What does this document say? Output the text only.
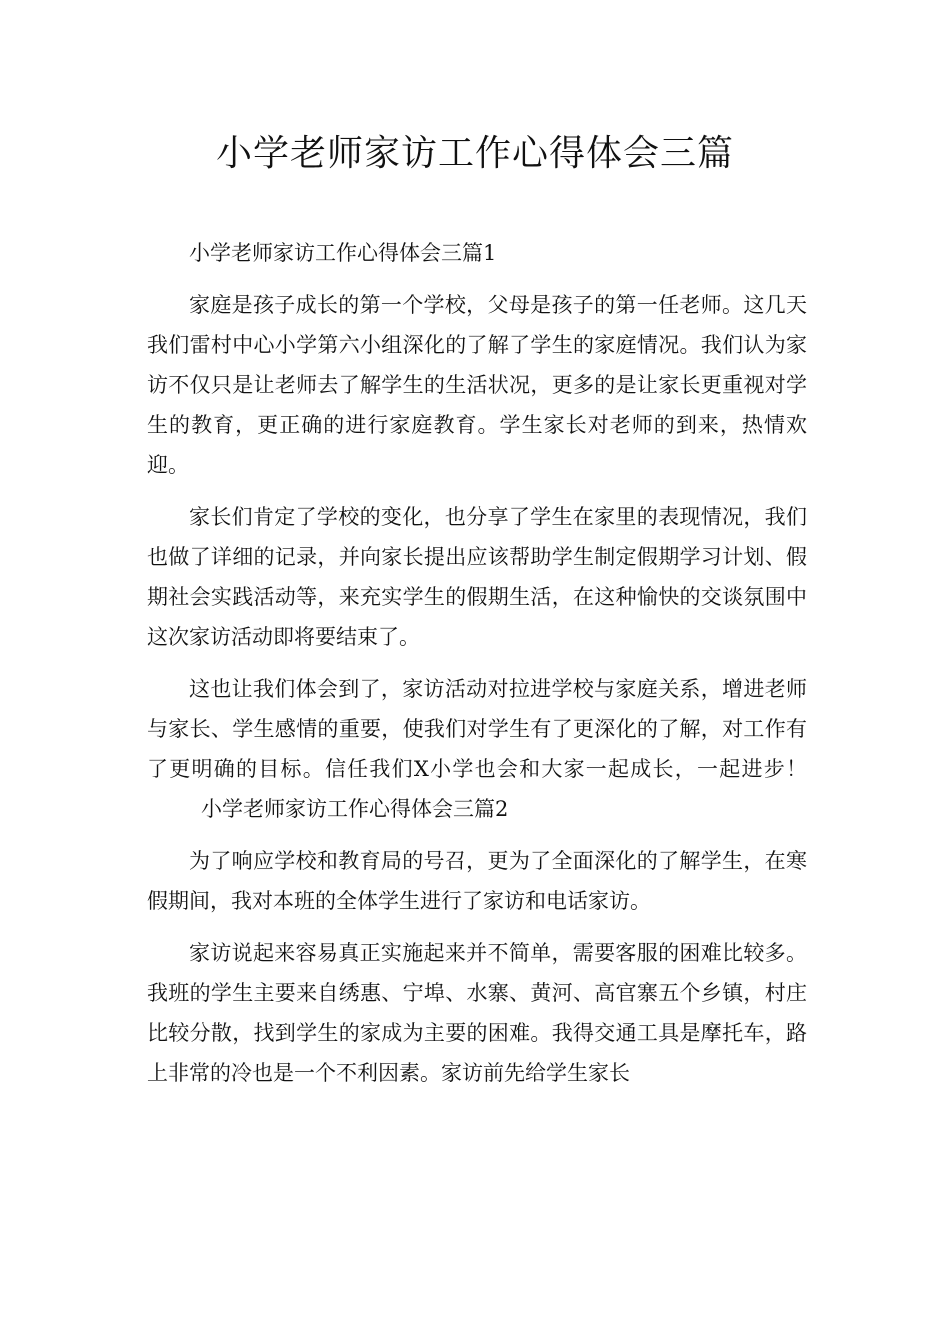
小学老师家访工作心得体会三篇

小学老师家访工作心得体会三篇1

家庭是孩子成长的第一个学校，父母是孩子的第一任老师。这几天我们雷村中心小学第六小组深化的了解了学生的家庭情况。我们认为家访不仅只是让老师去了解学生的生活状况，更多的是让家长更重视对学生的教育，更正确的进行家庭教育。学生家长对老师的到来，热情欢迎。

家长们肯定了学校的变化，也分享了学生在家里的表现情况，我们也做了详细的记录，并向家长提出应该帮助学生制定假期学习计划、假期社会实践活动等，来充实学生的假期生活，在这种愉快的交谈氛围中这次家访活动即将要结束了。

这也让我们体会到了，家访活动对拉进学校与家庭关系，增进老师与家长、学生感情的重要，使我们对学生有了更深化的了解，对工作有了更明确的目标。信任我们X小学也会和大家一起成长，一起进步！小学老师家访工作心得体会三篇2

为了响应学校和教育局的号召，更为了全面深化的了解学生，在寒假期间，我对本班的全体学生进行了家访和电话家访。

家访说起来容易真正实施起来并不简单，需要客服的困难比较多。我班的学生主要来自绣惠、宁埠、水寨、黄河、高官寨五个乡镇，村庄比较分散，找到学生的家成为主要的困难。我得交通工具是摩托车，路上非常的冷也是一个不利因素。家访前先给学生家长
